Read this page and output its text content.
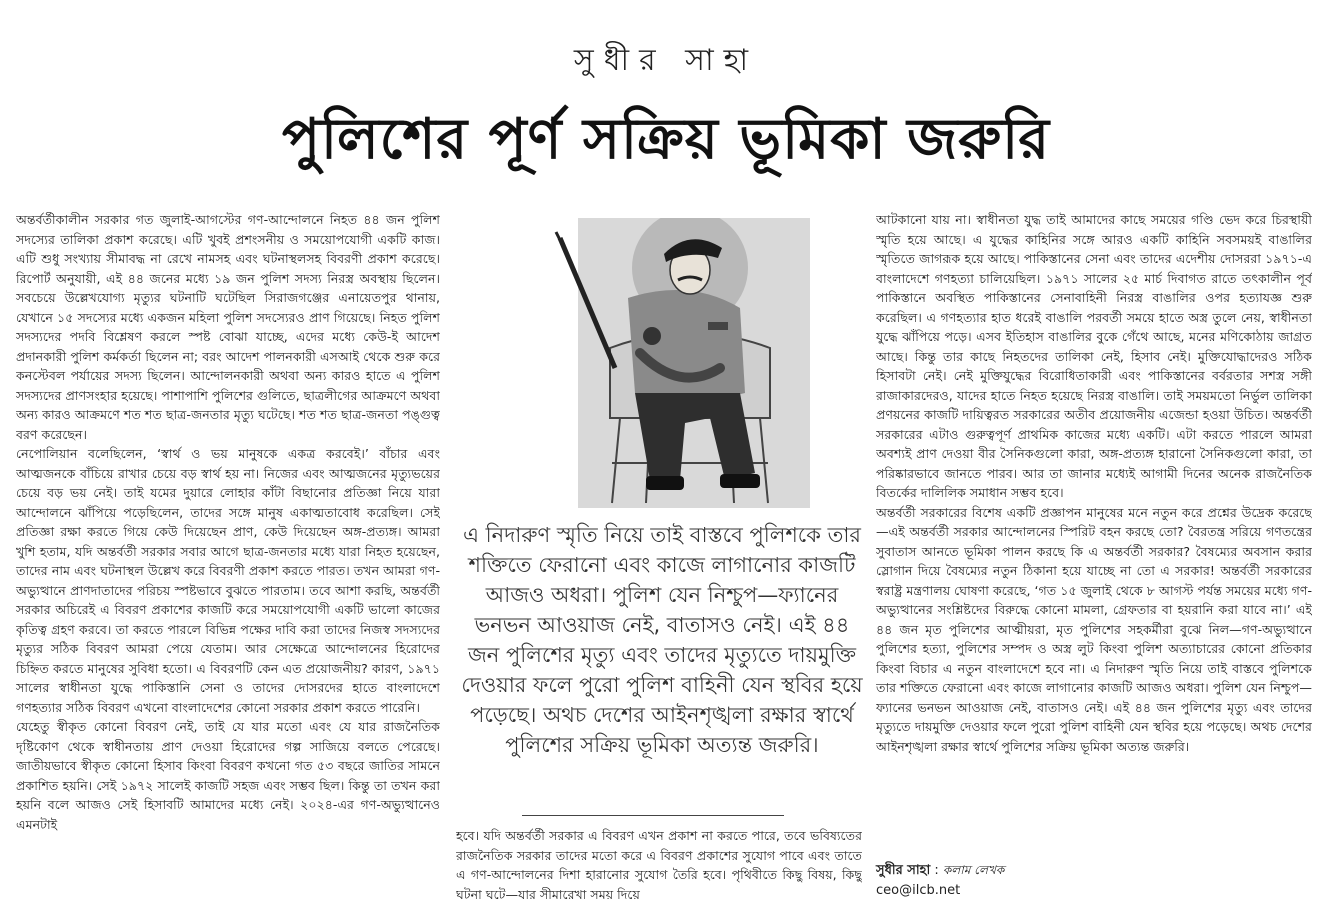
সুধীর সাহা
পুলিশের পূর্ণ সক্রিয় ভূমিকা জরুরি

অন্তর্বর্তীকালীন সরকার গত জুলাই-আগস্টের গণ-আন্দোলনে নিহত ৪৪ জন পুলিশ সদস্যের তালিকা প্রকাশ করেছে। এটি খুবই প্রশংসনীয় ও সময়োপযোগী একটি কাজ। এটি শুধু সংখ্যায় সীমাবদ্ধ না রেখে নামসহ এবং ঘটনাস্থলসহ বিবরণী প্রকাশ করেছে। রিপোর্ট অনুযায়ী, এই ৪৪ জনের মধ্যে ১৯ জন পুলিশ সদস্য নিরস্ত্র অবস্থায় ছিলেন। সবচেয়ে উল্লেখযোগ্য মৃত্যুর ঘটনাটি ঘটেছিল সিরাজগঞ্জের এনায়েতপুর থানায়, যেখানে ১৫ সদস্যের মধ্যে একজন মহিলা পুলিশ সদস্যেরও প্রাণ গিয়েছে। নিহত পুলিশ সদস্যদের পদবি বিশ্লেষণ করলে স্পষ্ট বোঝা যাচ্ছে, এদের মধ্যে কেউ-ই আদেশ প্রদানকারী পুলিশ কর্মকর্তা ছিলেন না; বরং আদেশ পালনকারী এসআই থেকে শুরু করে কনস্টেবল পর্যায়ের সদস্য ছিলেন। আন্দোলনকারী অথবা অন্য কারও হাতে এ পুলিশ সদস্যদের প্রাণসংহার হয়েছে। পাশাপাশি পুলিশের গুলিতে, ছাত্রলীগের আক্রমণে অথবা অন্য কারও আক্রমণে শত শত ছাত্র-জনতার মৃত্যু ঘটেছে। শত শত ছাত্র-জনতা পঙ্গুত্ব বরণ করেছেন।

নেপোলিয়ান বলেছিলেন, ‘স্বার্থ ও ভয় মানুষকে একত্র করবেই।’ বাঁচার এবং আত্মজনকে বাঁচিয়ে রাখার চেয়ে বড় স্বার্থ হয় না। নিজের এবং আত্মজনের মৃত্যুভয়ের চেয়ে বড় ভয় নেই। তাই যমের দুয়ারে লোহার কাঁটা বিছানোর প্রতিজ্ঞা নিয়ে যারা আন্দোলনে ঝাঁপিয়ে পড়েছিলেন, তাদের সঙ্গে মানুষ একাত্মতাবোধ করেছিল। সেই প্রতিজ্ঞা রক্ষা করতে গিয়ে কেউ দিয়েছেন প্রাণ, কেউ দিয়েছেন অঙ্গ-প্রত্যঙ্গ। আমরা খুশি হতাম, যদি অন্তর্বর্তী সরকার সবার আগে ছাত্র-জনতার মধ্যে যারা নিহত হয়েছেন, তাদের নাম এবং ঘটনাস্থল উল্লেখ করে বিবরণী প্রকাশ করতে পারত। তখন আমরা গণ-অভ্যুত্থানে প্রাণদাতাদের পরিচয় স্পষ্টভাবে বুঝতে পারতাম। তবে আশা করছি, অন্তর্বর্তী সরকার অচিরেই এ বিবরণ প্রকাশের কাজটি করে সময়োপযোগী একটি ভালো কাজের কৃতিত্ব গ্রহণ করবে। তা করতে পারলে বিভিন্ন পক্ষের দাবি করা তাদের নিজস্ব সদস্যদের মৃত্যুর সঠিক বিবরণ আমরা পেয়ে যেতাম। আর সেক্ষেত্রে আন্দোলনের হিরোদের চিহ্নিত করতে মানুষের সুবিধা হতো। এ বিবরণটি কেন এত প্রয়োজনীয়? কারণ, ১৯৭১ সালের স্বাধীনতা যুদ্ধে পাকিস্তানি সেনা ও তাদের দোসরদের হাতে বাংলাদেশে গণহত্যার সঠিক বিবরণ এখনো বাংলাদেশের কোনো সরকার প্রকাশ করতে পারেনি।

যেহেতু স্বীকৃত কোনো বিবরণ নেই, তাই যে যার মতো এবং যে যার রাজনৈতিক দৃষ্টিকোণ থেকে স্বাধীনতায় প্রাণ দেওয়া হিরোদের গল্প সাজিয়ে বলতে পেরেছে। জাতীয়ভাবে স্বীকৃত কোনো হিসাব কিংবা বিবরণ কখনো গত ৫৩ বছরে জাতির সামনে প্রকাশিত হয়নি। সেই ১৯৭২ সালেই কাজটি সহজ এবং সম্ভব ছিল। কিন্তু তা তখন করা হয়নি বলে আজও সেই হিসাবটি আমাদের মধ্যে নেই। ২০২৪-এর গণ-অভ্যুত্থানেও এমনটাই

এ নিদারুণ স্মৃতি নিয়ে তাই বাস্তবে পুলিশকে তার শক্তিতে ফেরানো এবং কাজে লাগানোর কাজটি আজও অধরা। পুলিশ যেন নিশ্চুপ—ফ্যানের ভনভন আওয়াজ নেই, বাতাসও নেই। এই ৪৪ জন পুলিশের মৃত্যু এবং তাদের মৃত্যুতে দায়মুক্তি দেওয়ার ফলে পুরো পুলিশ বাহিনী যেন স্থবির হয়ে পড়েছে। অথচ দেশের আইনশৃঙ্খলা রক্ষার স্বার্থে পুলিশের সক্রিয় ভূমিকা অত্যন্ত জরুরি।

হবে। যদি অন্তর্বর্তী সরকার এ বিবরণ এখন প্রকাশ না করতে পারে, তবে ভবিষ্যতের রাজনৈতিক সরকার তাদের মতো করে এ বিবরণ প্রকাশের সুযোগ পাবে এবং তাতে এ গণ-আন্দোলনের দিশা হারানোর সুযোগ তৈরি হবে। পৃথিবীতে কিছু বিষয়, কিছু ঘটনা ঘটে—যার সীমারেখা সময় দিয়ে

আটকানো যায় না। স্বাধীনতা যুদ্ধ তাই আমাদের কাছে সময়ের গণ্ডি ভেদ করে চিরস্থায়ী স্মৃতি হয়ে আছে। এ যুদ্ধের কাহিনির সঙ্গে আরও একটি কাহিনি সবসময়ই বাঙালির স্মৃতিতে জাগরূক হয়ে আছে। পাকিস্তানের সেনা এবং তাদের এদেশীয় দোসররা ১৯৭১-এ বাংলাদেশে গণহত্যা চালিয়েছিল। ১৯৭১ সালের ২৫ মার্চ দিবাগত রাতে তৎকালীন পূর্ব পাকিস্তানে অবস্থিত পাকিস্তানের সেনাবাহিনী নিরস্ত্র বাঙালির ওপর হত্যাযজ্ঞ শুরু করেছিল। এ গণহত্যার হাত ধরেই বাঙালি পরবর্তী সময়ে হাতে অস্ত্র তুলে নেয়, স্বাধীনতা যুদ্ধে ঝাঁপিয়ে পড়ে। এসব ইতিহাস বাঙালির বুকে গেঁথে আছে, মনের মণিকোঠায় জাগ্রত আছে। কিন্তু তার কাছে নিহতদের তালিকা নেই, হিসাব নেই। মুক্তিযোদ্ধাদেরও সঠিক হিসাবটা নেই। নেই মুক্তিযুদ্ধের বিরোধিতাকারী এবং পাকিস্তানের বর্বরতার সশস্ত্র সঙ্গী রাজাকারদেরও, যাদের হাতে নিহত হয়েছে নিরস্ত্র বাঙালি। তাই সময়মতো নির্ভুল তালিকা প্রণয়নের কাজটি দায়িত্বরত সরকারের অতীব প্রয়োজনীয় এজেন্ডা হওয়া উচিত। অন্তর্বর্তী সরকারের এটাও গুরুত্বপূর্ণ প্রাথমিক কাজের মধ্যে একটি। এটা করতে পারলে আমরা অবশ্যই প্রাণ দেওয়া বীর সৈনিকগুলো কারা, অঙ্গ-প্রত্যঙ্গ হারানো সৈনিকগুলো কারা, তা পরিষ্কারভাবে জানতে পারব। আর তা জানার মধ্যেই আগামী দিনের অনেক রাজনৈতিক বিতর্কের দালিলিক সমাধান সম্ভব হবে।

অন্তর্বর্তী সরকারের বিশেষ একটি প্রজ্ঞাপন মানুষের মনে নতুন করে প্রশ্নের উদ্রেক করেছে—এই অন্তর্বর্তী সরকার আন্দোলনের স্পিরিট বহন করছে তো? বৈরতন্ত্র সরিয়ে গণতন্ত্রের সুবাতাস আনতে ভূমিকা পালন করছে কি এ অন্তর্বর্তী সরকার? বৈষম্যের অবসান করার স্লোগান দিয়ে বৈষম্যের নতুন ঠিকানা হয়ে যাচ্ছে না তো এ সরকার! অন্তর্বর্তী সরকারের স্বরাষ্ট্র মন্ত্রণালয় ঘোষণা করেছে, ‘গত ১৫ জুলাই থেকে ৮ আগস্ট পর্যন্ত সময়ের মধ্যে গণ-অভ্যুত্থানের সংশ্লিষ্টদের বিরুদ্ধে কোনো মামলা, গ্রেফতার বা হয়রানি করা যাবে না।’ এই ৪৪ জন মৃত পুলিশের আত্মীয়রা, মৃত পুলিশের সহকর্মীরা বুঝে নিল—গণ-অভ্যুত্থানে পুলিশের হত্যা, পুলিশের সম্পদ ও অস্ত্র লুট কিংবা পুলিশ অত্যাচারের কোনো প্রতিকার কিংবা বিচার এ নতুন বাংলাদেশে হবে না। এ নিদারুণ স্মৃতি নিয়ে তাই বাস্তবে পুলিশকে তার শক্তিতে ফেরানো এবং কাজে লাগানোর কাজটি আজও অধরা। পুলিশ যেন নিশ্চুপ—ফ্যানের ভনভন আওয়াজ নেই, বাতাসও নেই। এই ৪৪ জন পুলিশের মৃত্যু এবং তাদের মৃত্যুতে দায়মুক্তি দেওয়ার ফলে পুরো পুলিশ বাহিনী যেন স্থবির হয়ে পড়েছে। অথচ দেশের আইনশৃঙ্খলা রক্ষার স্বার্থে পুলিশের সক্রিয় ভূমিকা অত্যন্ত জরুরি।

সুধীর সাহা : কলাম লেখক
ceo@ilcb.net
